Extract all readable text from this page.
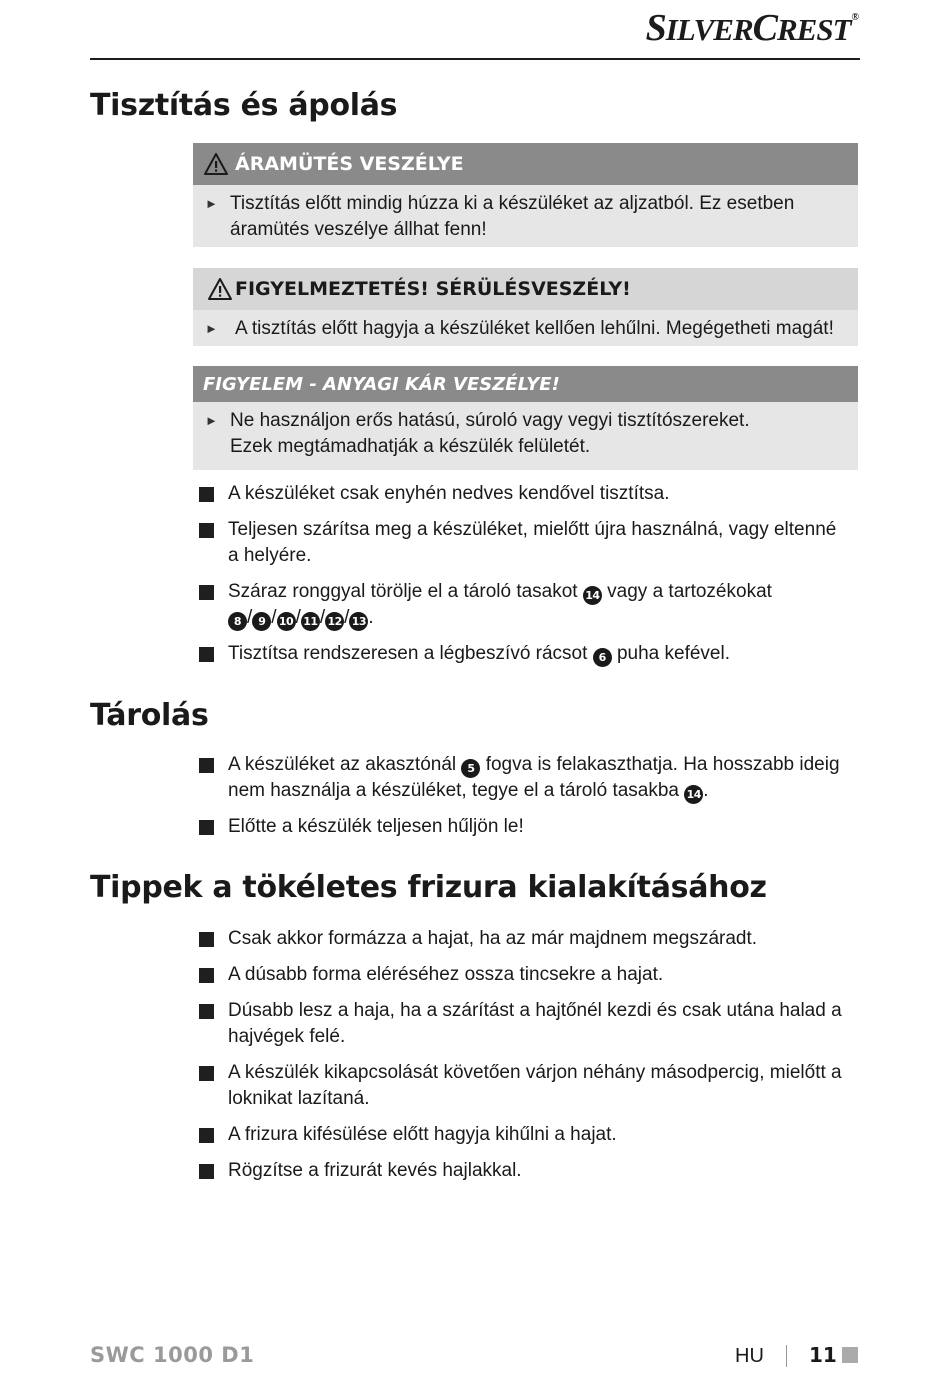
SILVERCREST®
Tisztítás és ápolás
ÁRAMÜTÉS VESZÉLYE
► Tisztítás előtt mindig húzza ki a készüléket az aljzatból. Ez esetben áramütés veszélye állhat fenn!
FIGYELMEZTETÉS! SÉRÜLÉSVESZÉLY!
► A tisztítás előtt hagyja a készüléket kellően lehűlni. Megégetheti magát!
FIGYELEM - ANYAGI KÁR VESZÉLYE!
► Ne használjon erős hatású, súroló vagy vegyi tisztítószereket.
Ezek megtámadhatják a készülék felületét.
A készüléket csak enyhén nedves kendővel tisztítsa.
Teljesen szárítsa meg a készüléket, mielőtt újra használná, vagy eltenné a helyére.
Száraz ronggyal törölje el a tároló tasakot 14 vagy a tartozékokat
8 / 9 / 10 / 11 / 12 / 13 .
Tisztítsa rendszeresen a légbeszívó rácsot 6 puha kefével.
Tárolás
A készüléket az akasztónál 5 fogva is felakaszthatja. Ha hosszabb ideig nem használja a készüléket, tegye el a tároló tasakba 14 .
Előtte a készülék teljesen hűljön le!
Tippek a tökéletes frizura kialakításához
Csak akkor formázza a hajat, ha az már majdnem megszáradt.
A dúsabb forma eléréséhez ossza tincsekre a hajat.
Dúsabb lesz a haja, ha a szárítást a hajtőnél kezdi és csak utána halad a hajvégek felé.
A készülék kikapcsolását követően várjon néhány másodpercig, mielőtt a loknikat lazítaná.
A frizura kifésülése előtt hagyja kihűlni a hajat.
Rögzítse a frizurát kevés hajlakkal.
SWC 1000 D1	HU 11
